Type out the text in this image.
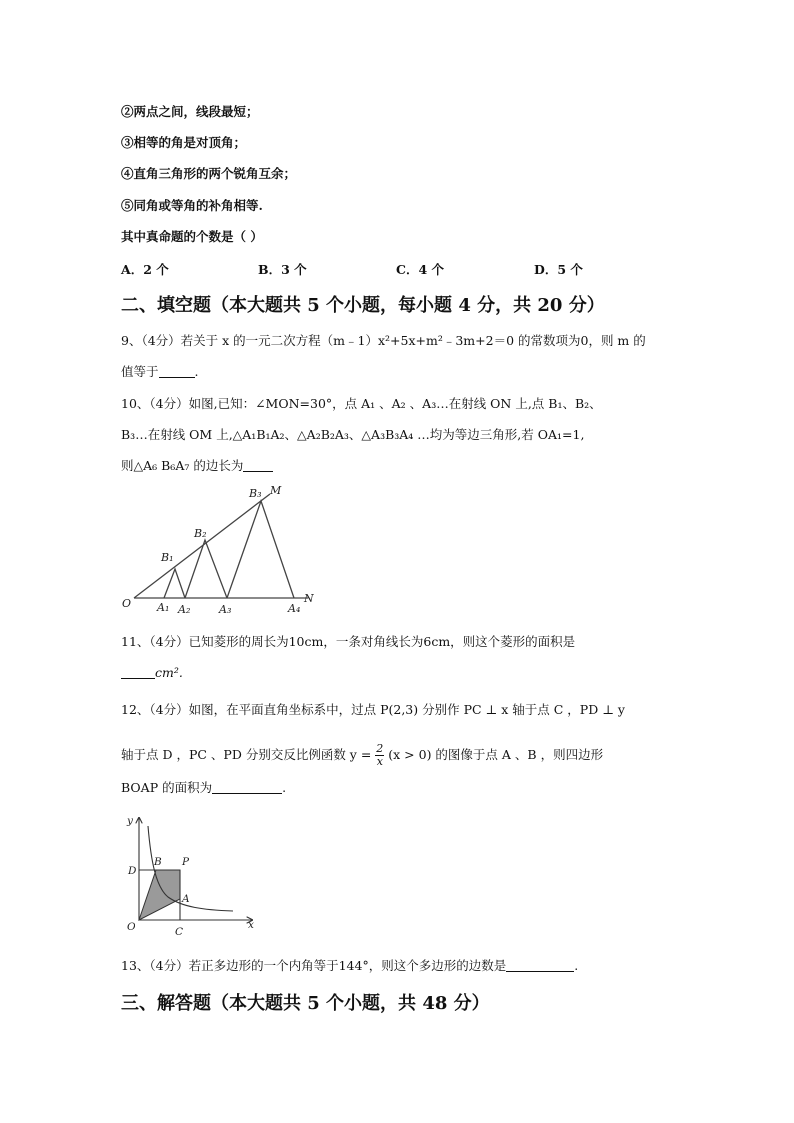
②两点之间，线段最短；
③相等的角是对顶角；
④直角三角形的两个锐角互余；
⑤同角或等角的补角相等.
其中真命题的个数是（ ）
A．2 个	B．3 个	C．4 个	D．5 个
二、填空题（本大题共 5 个小题，每小题 4 分，共 20 分）
9、（4分）若关于 x 的一元二次方程（m﹣1）x²+5x+m²﹣3m+2＝0 的常数项为0，则 m 的
值等于	.
10、（4分）如图,已知：∠MON=30°，点 A₁ 、A₂ 、A₃…在射线 ON 上,点 B₁、B₂、
B₃…在射线 OM 上,△A₁B₁A₂、△A₂B₂A₃、△A₃B₃A₄ …均为等边三角形,若 OA₁=1,
则△A₆ B₆A₇ 的边长为
O	N
M
A₁ A₂	A₃	A₄
B₁
B₂
B₃
11、（4分）已知菱形的周长为10cm，一条对角线长为6cm，则这个菱形的面积是
cm².
12、（4分）如图，在平面直角坐标系中，过点 P(2,3) 分别作 PC ⊥ x 轴于点 C ，PD ⊥ y
轴于点 D ，PC 、PD 分别交反比例函数 $y = \frac{2}{x} (x > 0)$ 的图像于点 A 、B ，则四边形
BOAP 的面积为	.
y
x
O
D
B P
A
C
13、（4分）若正多边形的一个内角等于144°，则这个多边形的边数是	.
三、解答题（本大题共 5 个小题，共 48 分）
